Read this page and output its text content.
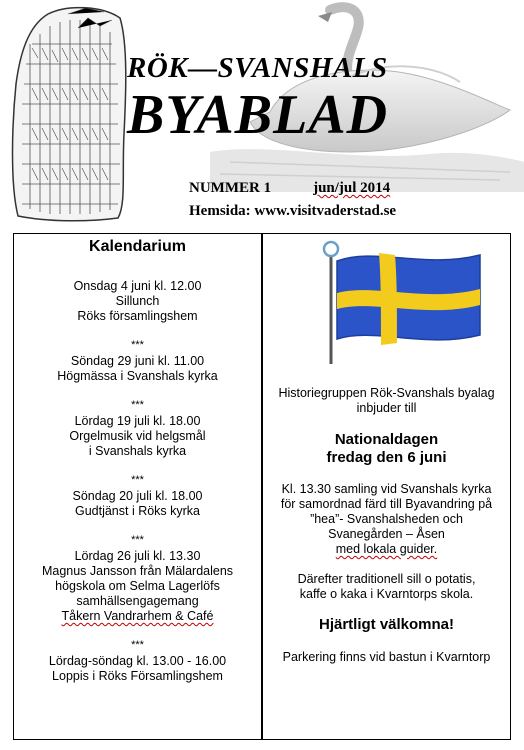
RÖK—SVANSHALS
BYABLAD
NUMMER 1	jun/jul 2014
Hemsida: www.visitvaderstad.se
Kalendarium
Onsdag 4 juni kl. 12.00
Sillunch
Röks församlingshem
***
Söndag 29 juni kl. 11.00
Högmässa i Svanshals kyrka
***
Lördag 19 juli kl. 18.00
Orgelmusik vid helgsmål
i Svanshals kyrka
***
Söndag 20 juli kl. 18.00
Gudtjänst i Röks kyrka
***
Lördag 26 juli kl. 13.30
Magnus Jansson från Mälardalens
högskola om Selma Lagerlöfs
samhällsengagemang
Tåkern Vandrarhem & Café
***
Lördag-söndag kl. 13.00 - 16.00
Loppis i Röks Församlingshem
Historiegruppen Rök-Svanshals byalag
inbjuder till
Nationaldagen
fredag den 6 juni
Kl. 13.30 samling vid Svanshals kyrka
för samordnad färd till Byavandring på
”hea”- Svanshalsheden och
Svanegården – Åsen
med lokala guider.
Därefter traditionell sill o potatis,
kaffe o kaka i Kvarntorps skola.
Hjärtligt välkomna!
Parkering finns vid bastun i Kvarntorp
